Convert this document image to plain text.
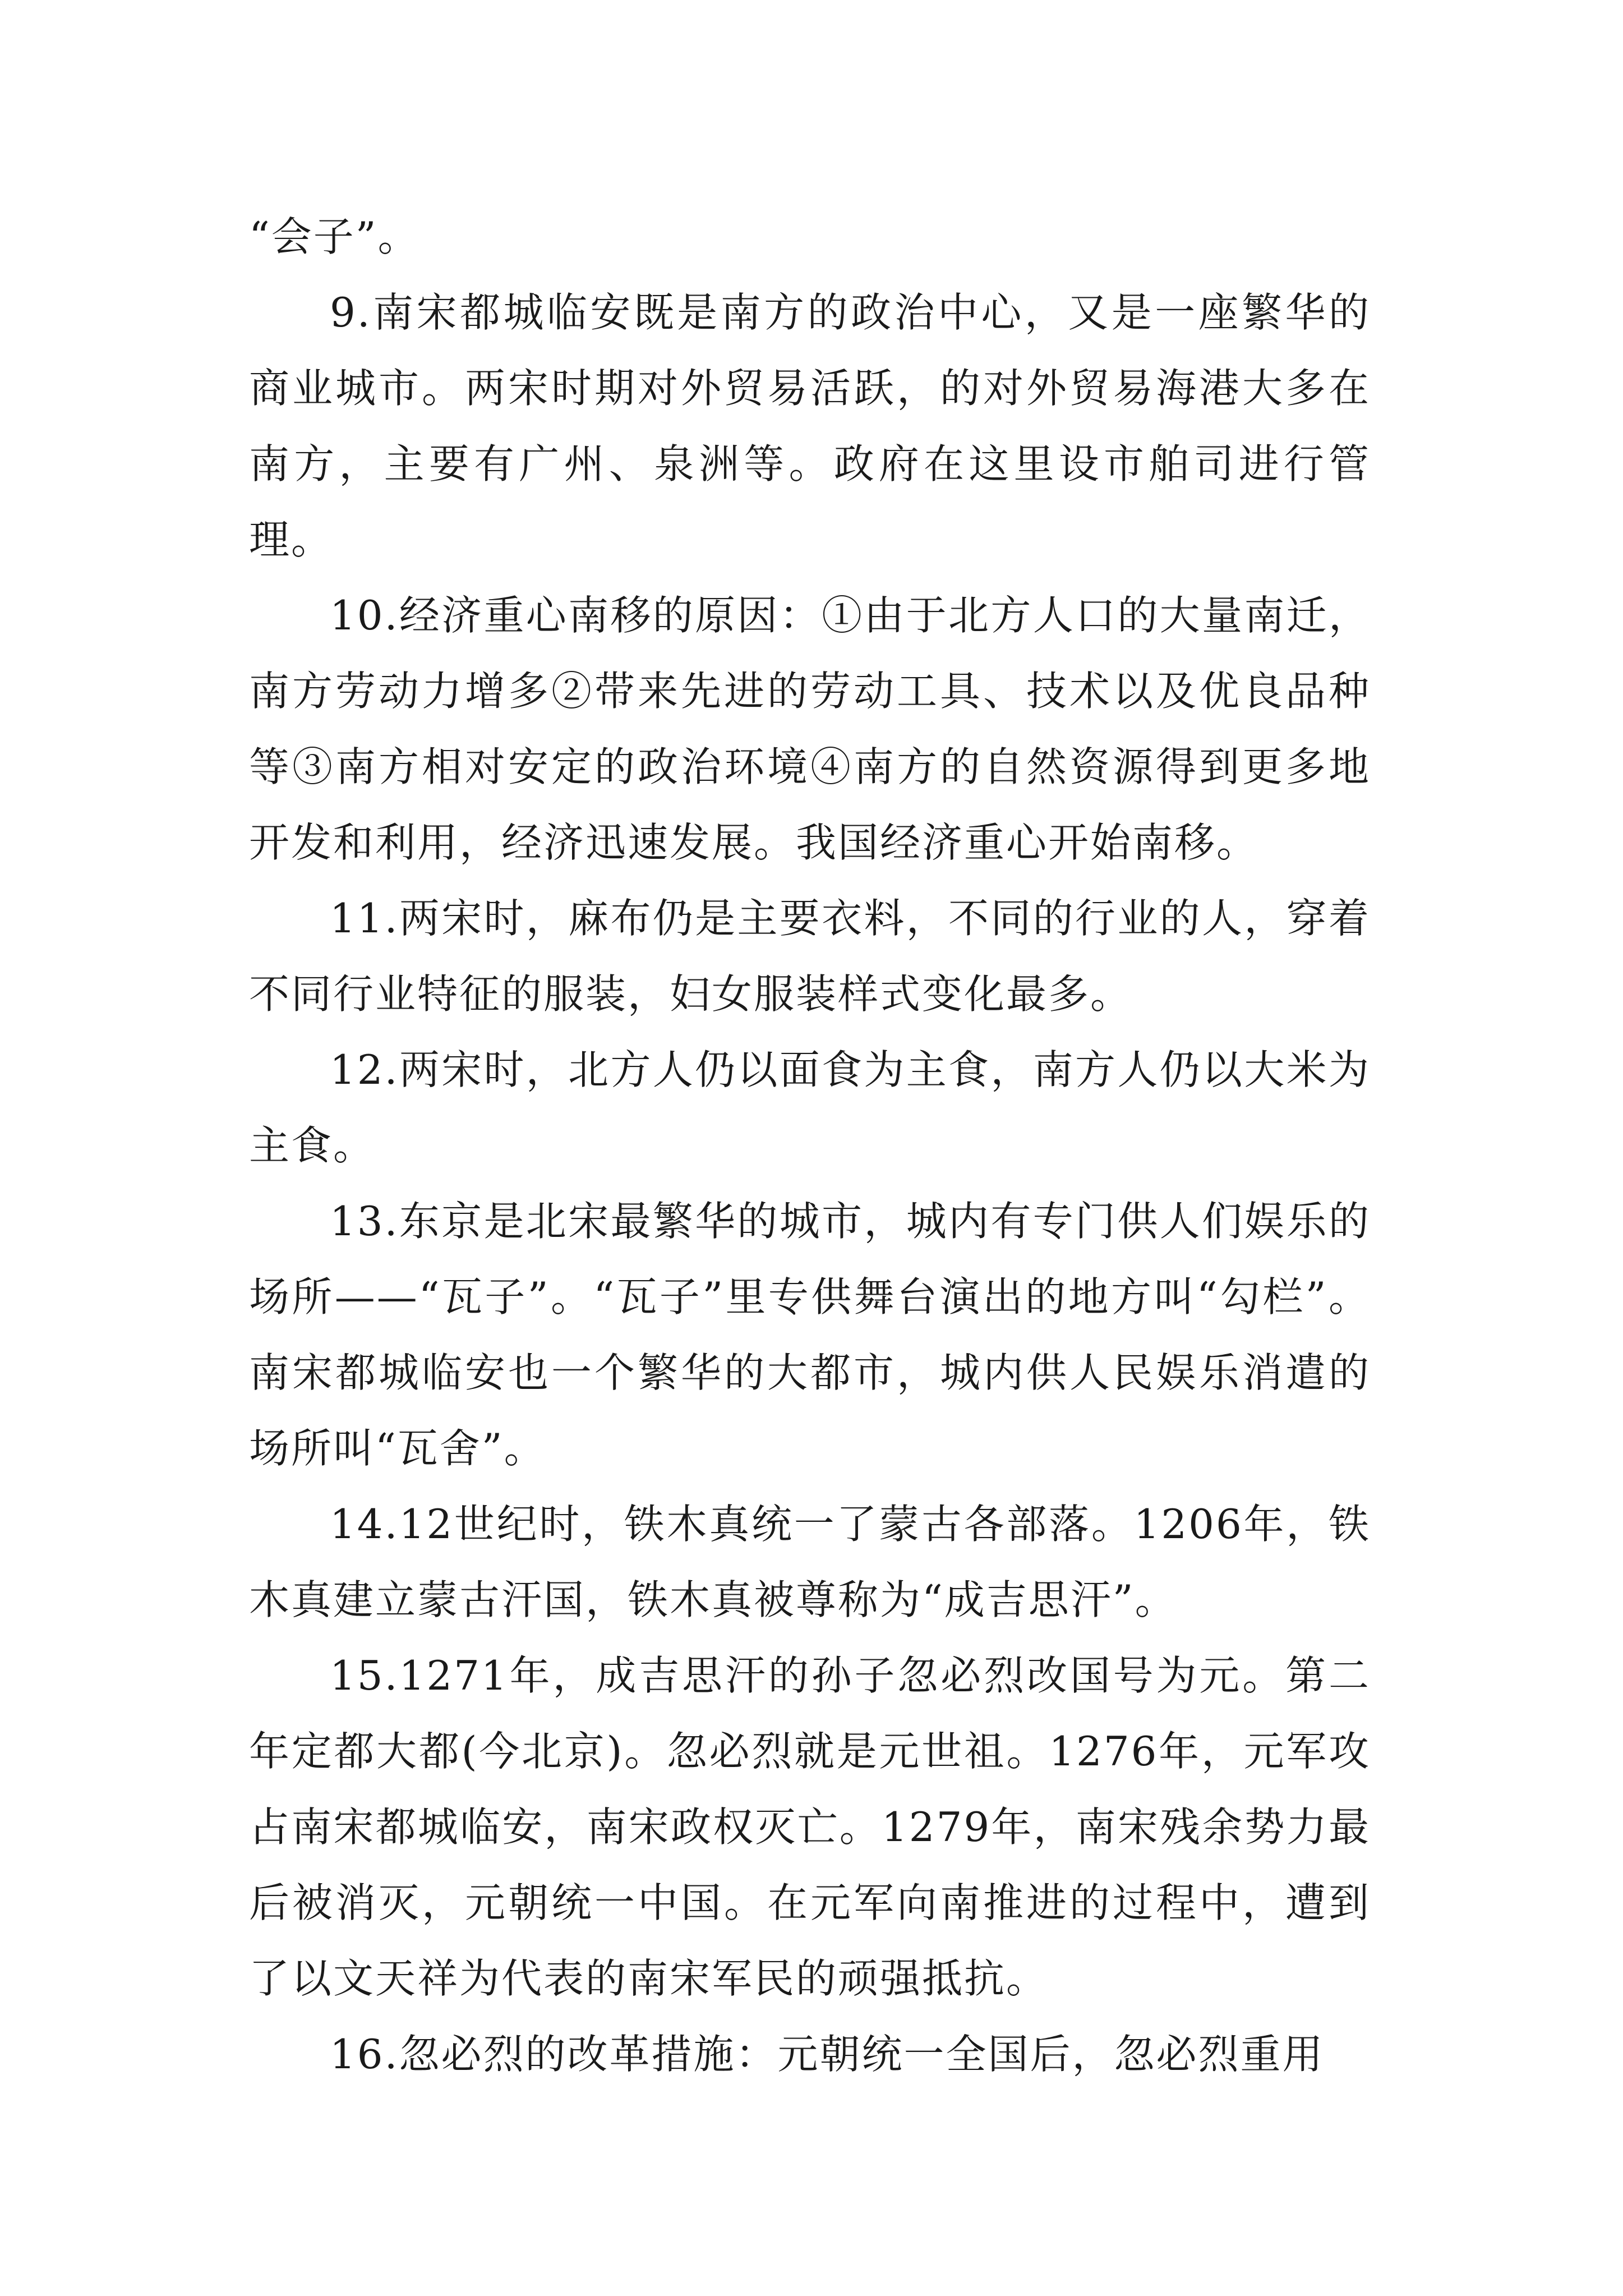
“会子”。

9.南宋都城临安既是南方的政治中心，又是一座繁华的商业城市。两宋时期对外贸易活跃，的对外贸易海港大多在南方，主要有广州、泉洲等。政府在这里设市舶司进行管理。

10.经济重心南移的原因：①由于北方人口的大量南迁，南方劳动力增多②带来先进的劳动工具、技术以及优良品种等③南方相对安定的政治环境④南方的自然资源得到更多地开发和利用，经济迅速发展。我国经济重心开始南移。

11.两宋时，麻布仍是主要衣料，不同的行业的人，穿着不同行业特征的服装，妇女服装样式变化最多。

12.两宋时，北方人仍以面食为主食，南方人仍以大米为主食。

13.东京是北宋最繁华的城市，城内有专门供人们娱乐的场所——“瓦子”。“瓦子”里专供舞台演出的地方叫“勾栏”。南宋都城临安也一个繁华的大都市，城内供人民娱乐消遣的场所叫“瓦舍”。

14.12世纪时，铁木真统一了蒙古各部落。1206年，铁木真建立蒙古汗国，铁木真被尊称为“成吉思汗”。

15.1271年，成吉思汗的孙子忽必烈改国号为元。第二年定都大都(今北京)。忽必烈就是元世祖。1276年，元军攻占南宋都城临安，南宋政权灭亡。1279年，南宋残余势力最后被消灭，元朝统一中国。在元军向南推进的过程中，遭到了以文天祥为代表的南宋军民的顽强抵抗。

16.忽必烈的改革措施：元朝统一全国后，忽必烈重用
